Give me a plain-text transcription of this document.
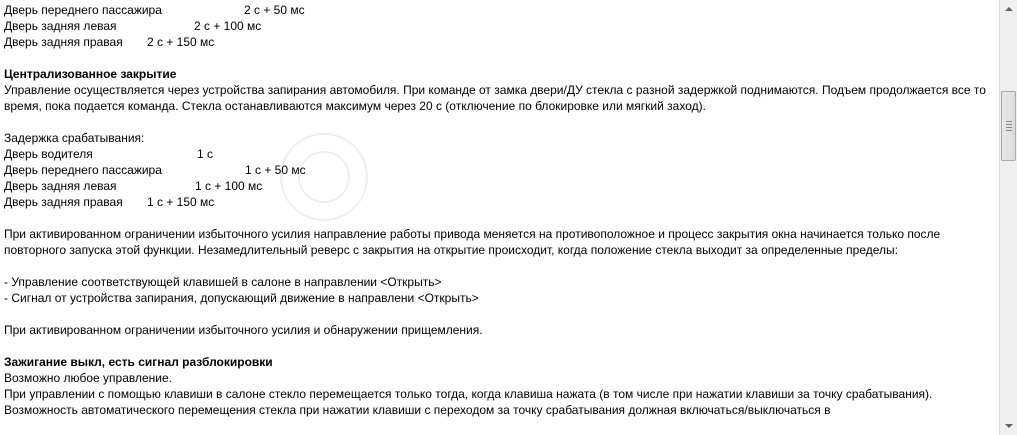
Дверь переднего пассажира	2 с + 50 мс
Дверь задняя левая	2 с + 100 мс
Дверь задняя правая 2 с + 150 мс
Централизованное закрытие
Управление осуществляется через устройства запирания автомобиля. При команде от замка двери/ДУ стекла с разной задержкой поднимаются. Подъем продолжается все то время, пока подается команда. Стекла останавливаются максимум через 20 с (отключение по блокировке или мягкий заход).
Задержка срабатывания:
Дверь водителя	1 с
Дверь переднего пассажира	1 с + 50 мс
Дверь задняя левая	1 с + 100 мс
Дверь задняя правая 1 с + 150 мс
При активированном ограничении избыточного усилия направление работы привода меняется на противоположное и процесс закрытия окна начинается только после повторного запуска этой функции. Незамедлительный реверс с закрытия на открытие происходит, когда положение стекла выходит за определенные пределы:
- Управление соответствующей клавишей в салоне в направлении <Открыть>
- Сигнал от устройства запирания, допускающий движение в направлени <Открыть>
При активированном ограничении избыточного усилия и обнаружении прищемления.
Зажигание выкл, есть сигнал разблокировки
Возможно любое управление.
При управлении с помощью клавиши в салоне стекло перемещается только тогда, когда клавиша нажата (в том числе при нажатии клавиши за точку срабатывания). Возможность автоматического перемещения стекла при нажатии клавиши с переходом за точку срабатывания должная включаться/выключаться в
